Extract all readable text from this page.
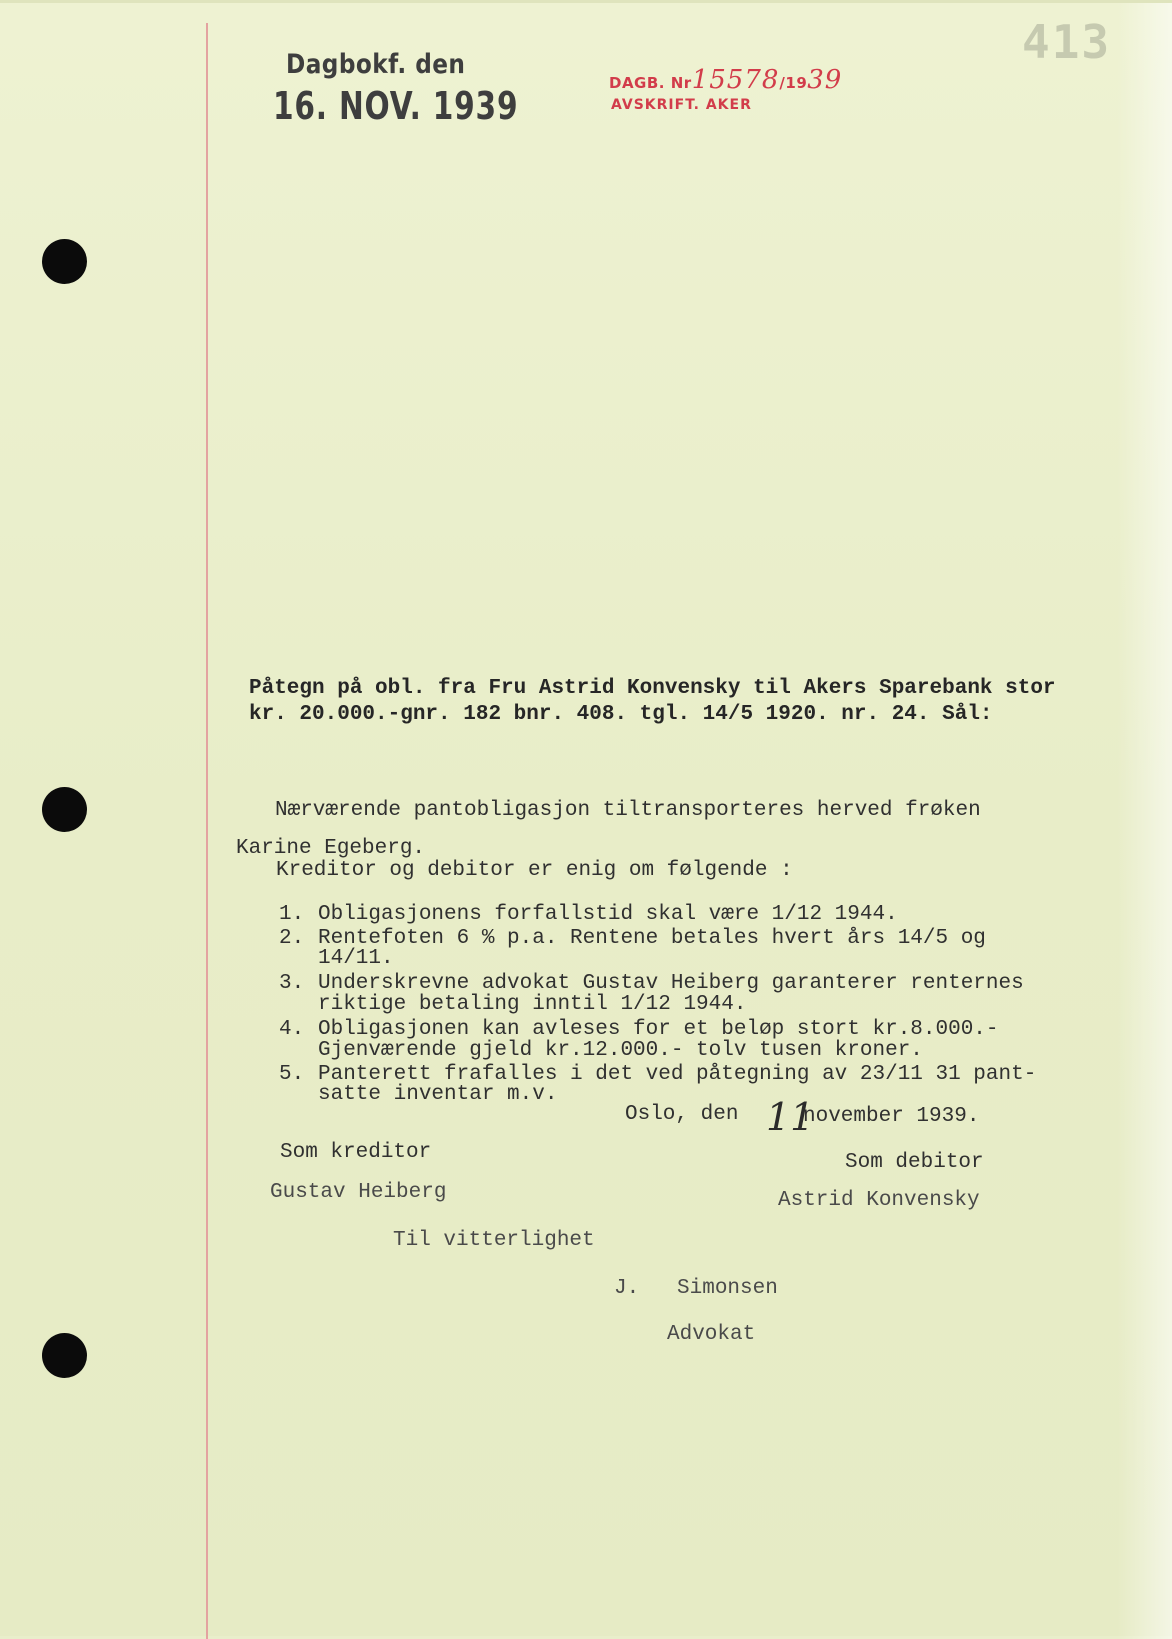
Dagbokf. den
16. NOV. 1939
DAGB. Nr15578/1939
AVSKRIFT. AKER
413
Påtegn på obl. fra Fru Astrid Konvensky til Akers Sparebank stor
kr. 20.000.-gnr. 182 bnr. 408. tgl. 14/5 1920. nr. 24. Sål:
Nærværende pantobligasjon tiltransporteres herved frøken
Karine Egeberg.
Kreditor og debitor er enig om følgende :
1. Obligasjonens forfallstid skal være 1/12 1944.
2. Rentefoten 6 % p.a. Rentene betales hvert års 14/5 og
14/11.
3. Underskrevne advokat Gustav Heiberg garanterer renternes
riktige betaling inntil 1/12 1944.
4. Obligasjonen kan avleses for et beløp stort kr.8.000.-
Gjenværende gjeld kr.12.000.- tolv tusen kroner.
5. Panterett frafalles i det ved påtegning av 23/11 31 pant-
satte inventar m.v.
Oslo, den 11
november 1939.
Som kreditor
Gustav Heiberg
Som debitor
Astrid Konvensky
Til vitterlighet
J.   Simonsen
Advokat
